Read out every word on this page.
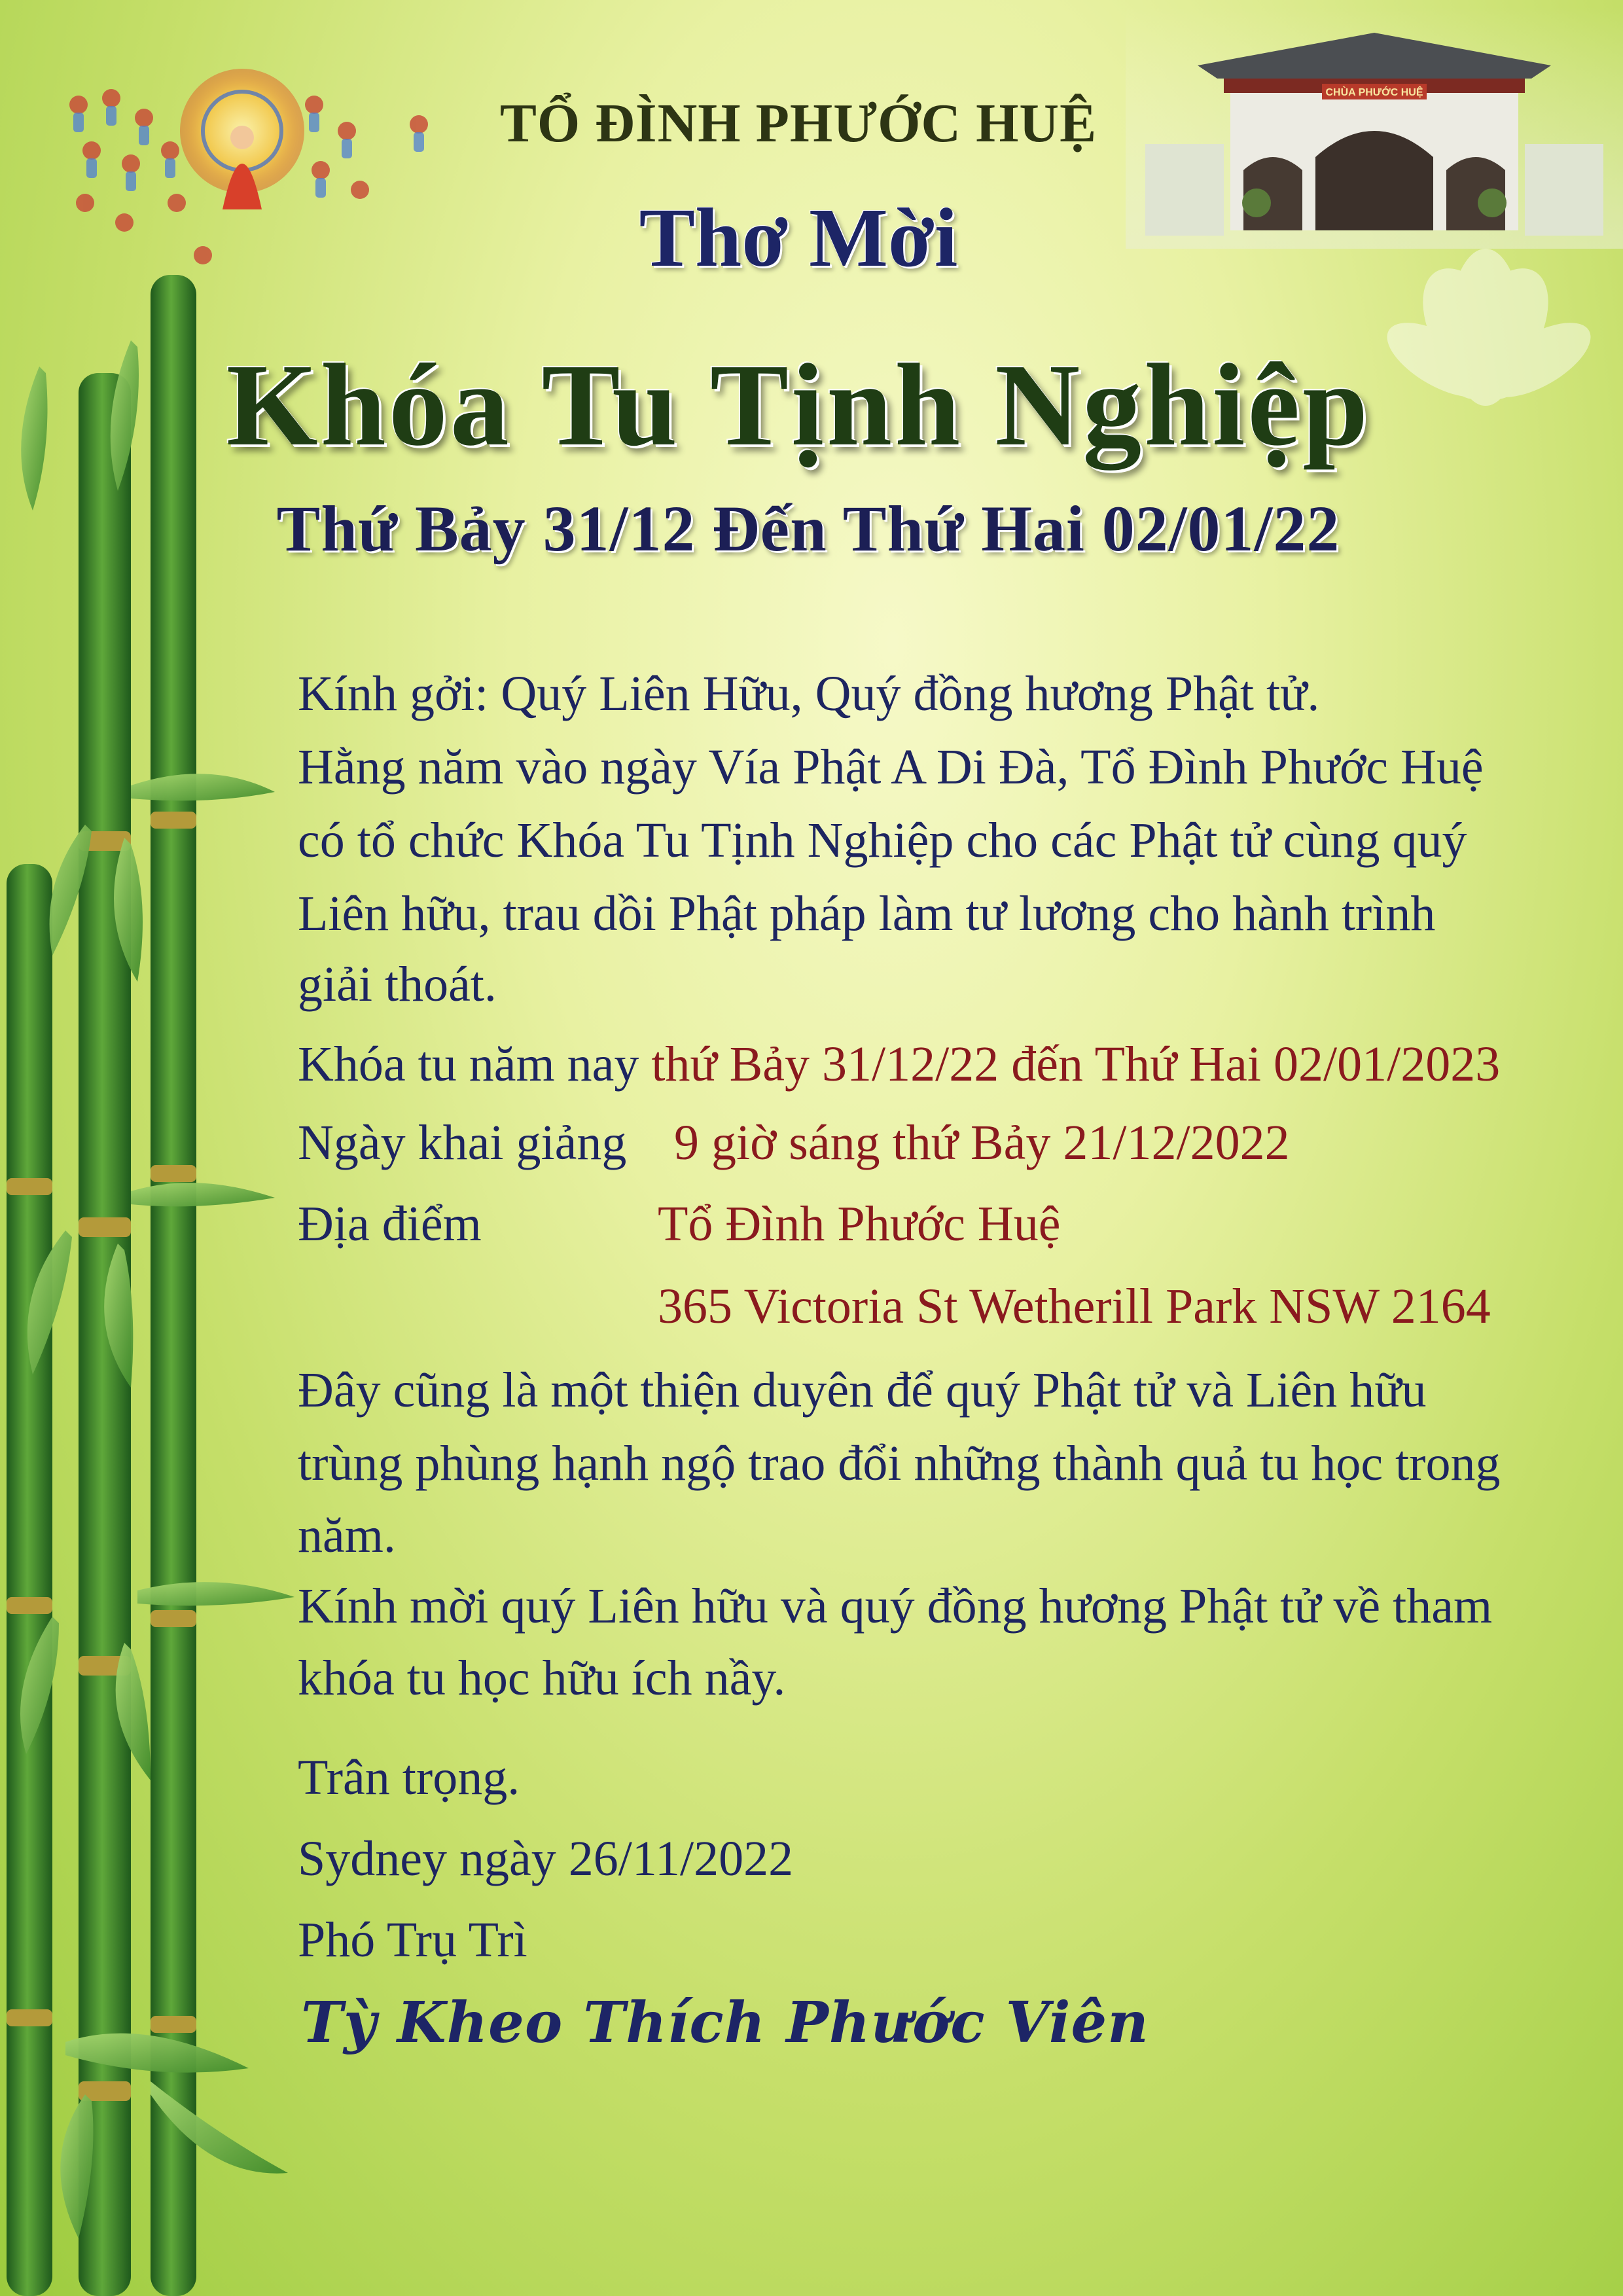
CHÙA PHƯỚC HUỆ
TỔ ĐÌNH PHƯỚC HUỆ
Thơ Mời
Khóa Tu Tịnh Nghiệp
Thứ Bảy 31/12 Đến Thứ Hai 02/01/22
Kính gởi: Quý Liên Hữu, Quý đồng hương Phật tử.
Hằng năm vào ngày Vía Phật A Di Đà, Tổ Đình Phước Huệ
có tổ chức Khóa Tu Tịnh Nghiệp cho các Phật tử cùng quý
Liên hữu, trau dồi Phật pháp làm tư lương cho hành trình
giải thoát.
Khóa tu năm nay thứ Bảy 31/12/22 đến Thứ Hai 02/01/2023
Ngày khai giảng 9 giờ sáng thứ Bảy 21/12/2022
Địa điểm	Tổ Đình Phước Huệ
365 Victoria St Wetherill Park NSW 2164
Đây cũng là một thiện duyên để quý Phật tử và Liên hữu
trùng phùng hạnh ngộ trao đổi những thành quả tu học trong
năm.
Kính mời quý Liên hữu và quý đồng hương Phật tử về tham
khóa tu học hữu ích nầy.
Trân trọng.
Sydney ngày 26/11/2022
Phó Trụ Trì
Tỳ Kheo Thích Phước Viên
